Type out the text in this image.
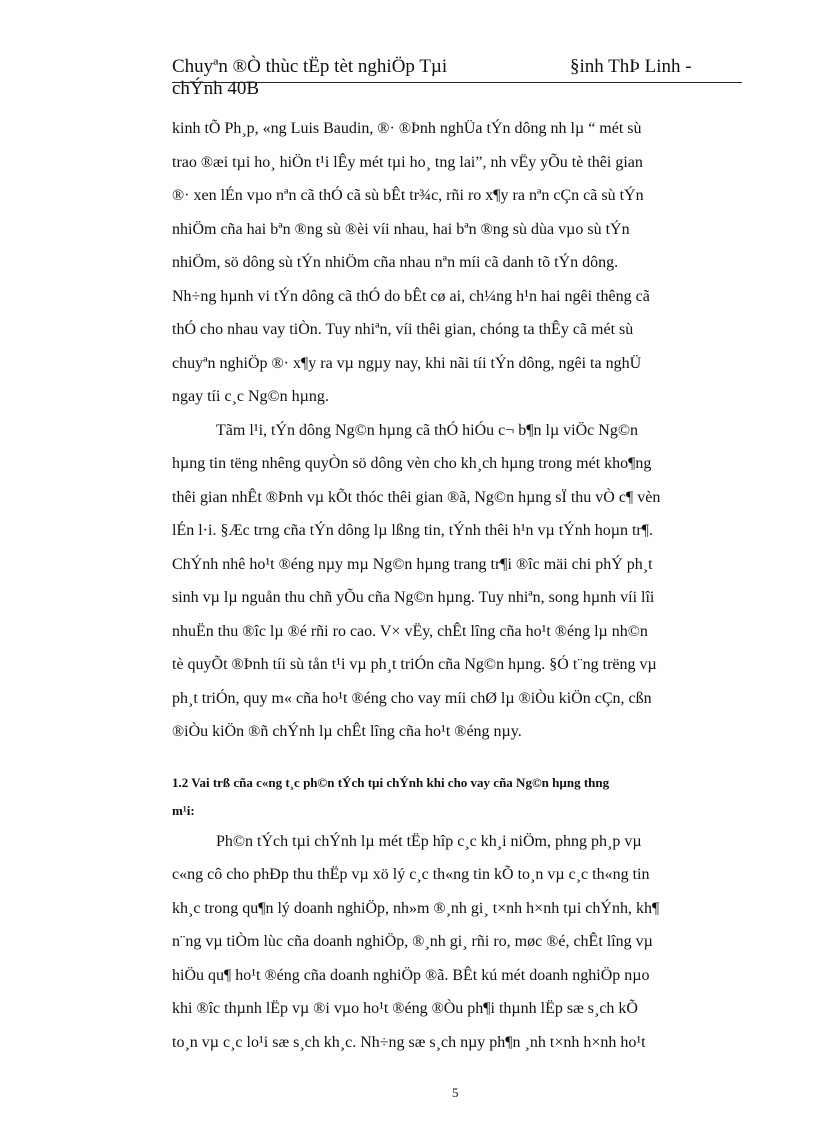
Chuyªn ®Ò thùc tËp tèt nghiÖp Tµi chÝnh 40B
§inh ThÞ Linh -
kinh tÕ Ph¸p, «ng Luis Baudin, ®· ®Þnh nghÜa tÝn dông nh lµ “ mét sù
trao ®æi tµi ho¸ hiÖn t¹i lÊy mét tµi ho¸ tng lai”, nh vËy yÕu tè thêi gian
®· xen lÉn vµo nªn cã thÓ cã sù bÊt tr¾c, rñi ro x¶y ra nªn cÇn cã sù tÝn
nhiÖm cña hai bªn ®ng sù ®èi víi nhau, hai bªn ®ng sù dùa vµo sù tÝn
nhiÖm, sö dông sù tÝn nhiÖm cña nhau nªn míi cã danh tõ tÝn dông.
Nh÷ng hµnh vi tÝn dông cã thÓ do bÊt cø ai, ch¼ng h¹n hai ngêi thêng cã
thÓ cho nhau vay tiÒn. Tuy nhiªn, víi thêi gian, chóng ta thÊy cã mét sù
chuyªn nghiÖp ®· x¶y ra vµ ngµy nay, khi nãi tíi tÝn dông, ngêi ta nghÜ
ngay tíi c¸c Ng©n hµng.
Tãm l¹i, tÝn dông Ng©n hµng cã thÓ hiÓu c¬ b¶n lµ viÖc Ng©n
hµng tin tëng nhêng quyÒn sö dông vèn cho kh¸ch hµng trong mét kho¶ng
thêi gian nhÊt ®Þnh vµ kÕt thóc thêi gian ®ã, Ng©n hµng sÏ thu vÒ c¶ vèn
lÉn l·i. §Æc trng cña tÝn dông lµ lßng tin, tÝnh thêi h¹n vµ tÝnh hoµn tr¶.
ChÝnh nhê ho¹t ®éng nµy mµ Ng©n hµng trang tr¶i ®îc mäi chi phÝ ph¸t
sinh vµ lµ nguån thu chñ yÕu cña Ng©n hµng. Tuy nhiªn, song hµnh víi lîi
nhuËn thu ®îc lµ ®é rñi ro cao. V× vËy, chÊt lîng cña ho¹t ®éng lµ nh©n
tè quyÕt ®Þnh tíi sù tån t¹i vµ ph¸t triÓn cña Ng©n hµng. §Ó t¨ng trëng vµ
ph¸t triÓn, quy m« cña ho¹t ®éng cho vay míi chØ lµ ®iÒu kiÖn cÇn, cßn
®iÒu kiÖn ®ñ chÝnh lµ chÊt lîng cña ho¹t ®éng nµy.
1.2 Vai trß cña c«ng t¸c ph©n tÝch tµi chÝnh khi cho vay cña Ng©n hµng thng
m¹i:
Ph©n tÝch tµi chÝnh lµ mét tËp hîp c¸c kh¸i niÖm, phng ph¸p vµ
c«ng cô cho phÐp thu thËp vµ xö lý c¸c th«ng tin kÕ to¸n vµ c¸c th«ng tin
kh¸c trong qu¶n lý doanh nghiÖp, nh»m ®¸nh gi¸ t×nh h×nh tµi chÝnh, kh¶
n¨ng vµ tiÒm lùc cña doanh nghiÖp, ®¸nh gi¸ rñi ro, møc ®é, chÊt lîng vµ
hiÖu qu¶ ho¹t ®éng cña doanh nghiÖp ®ã. BÊt kú mét doanh nghiÖp nµo
khi ®îc thµnh lËp vµ ®i vµo ho¹t ®éng ®Òu ph¶i thµnh lËp sæ s¸ch kÕ
to¸n vµ c¸c lo¹i sæ s¸ch kh¸c. Nh÷ng sæ s¸ch nµy ph¶n ¸nh t×nh h×nh ho¹t
5
